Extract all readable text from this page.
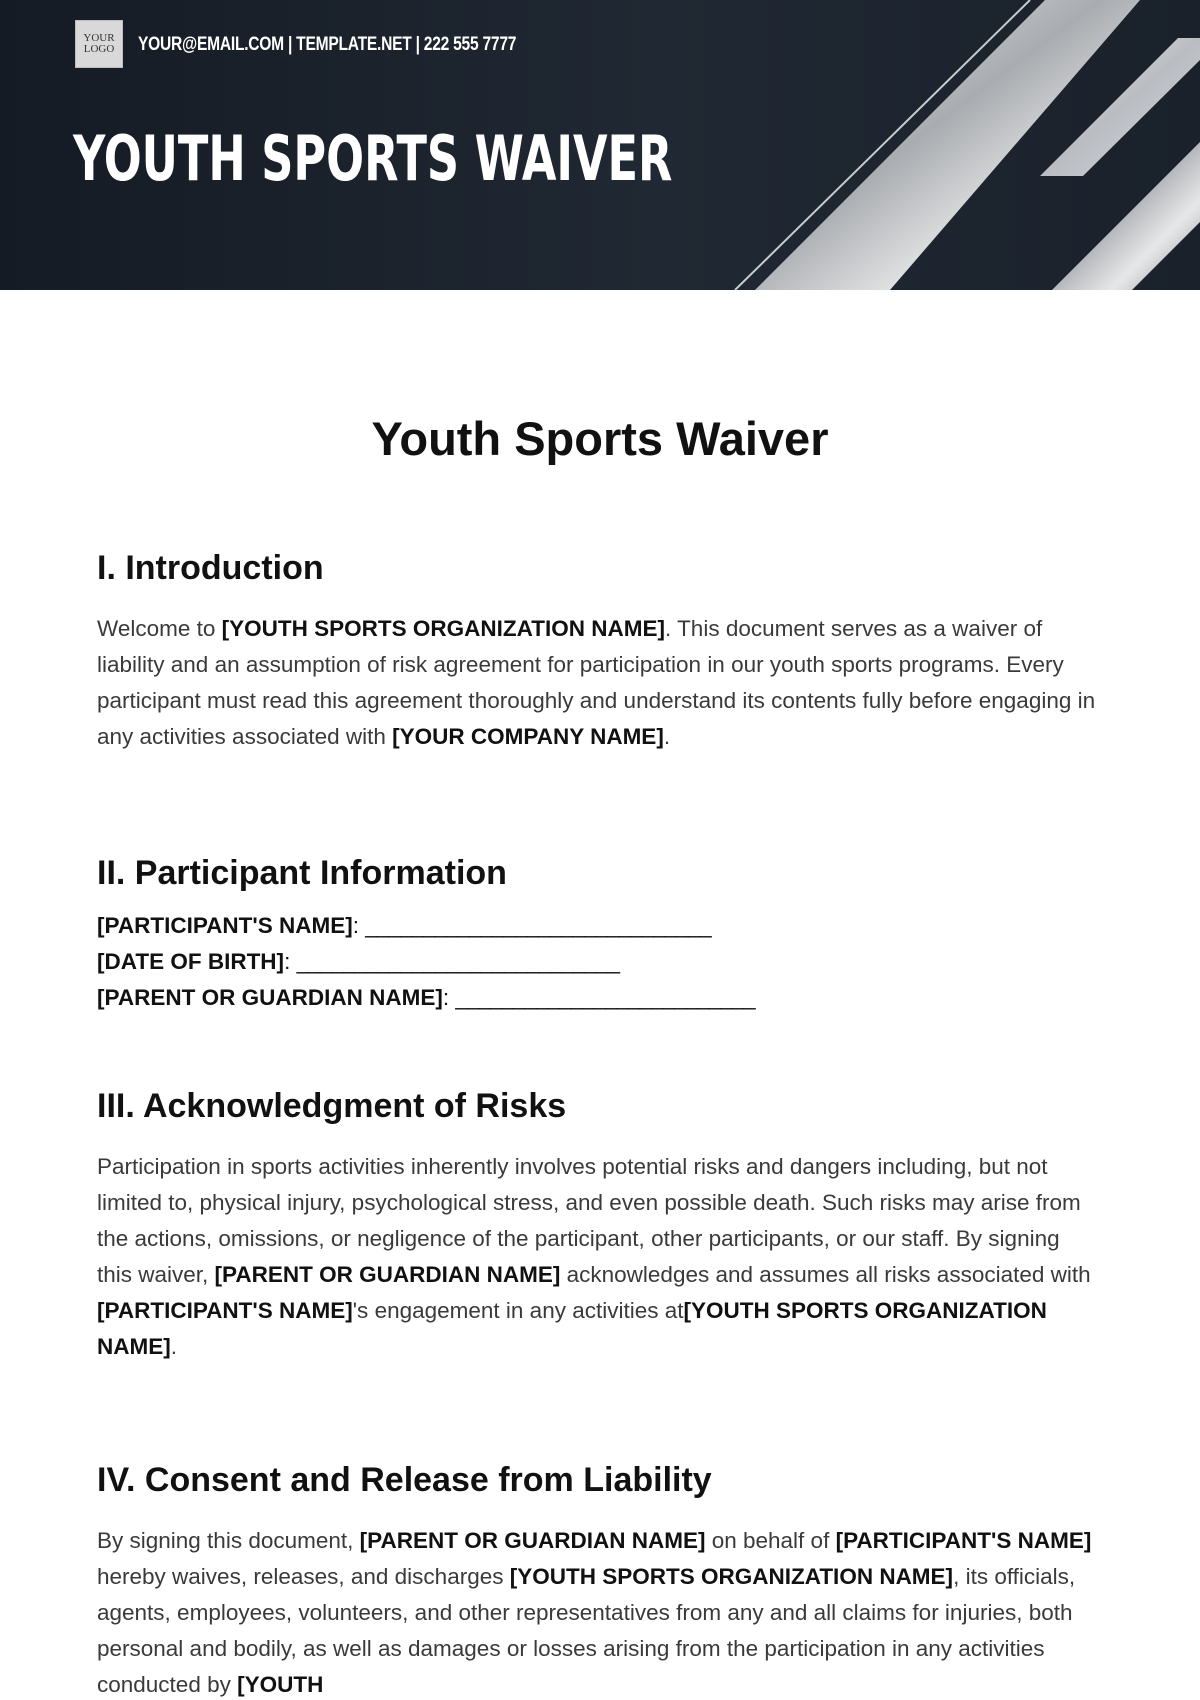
YOUR
LOGO YOUR@EMAIL.COM | TEMPLATE.NET | 222 555 7777
YOUTH SPORTS WAIVER
Youth Sports Waiver
I. Introduction

Welcome to [YOUTH SPORTS ORGANIZATION NAME]. This document serves as a waiver of liability and an assumption of risk agreement for participation in our youth sports programs. Every participant must read this agreement thoroughly and understand its contents fully before engaging in any activities associated with [YOUR COMPANY NAME].

II. Participant Information
[PARTICIPANT'S NAME]: ______________________________
[DATE OF BIRTH]: ____________________________
[PARENT OR GUARDIAN NAME]: __________________________
III. Acknowledgment of Risks

Participation in sports activities inherently involves potential risks and dangers including, but not limited to, physical injury, psychological stress, and even possible death. Such risks may arise from the actions, omissions, or negligence of the participant, other participants, or our staff. By signing this waiver, [PARENT OR GUARDIAN NAME] acknowledges and assumes all risks associated with [PARTICIPANT'S NAME]'s engagement in any activities at[YOUTH SPORTS ORGANIZATION NAME].

IV. Consent and Release from Liability

By signing this document, [PARENT OR GUARDIAN NAME] on behalf of [PARTICIPANT'S NAME] hereby waives, releases, and discharges [YOUTH SPORTS ORGANIZATION NAME], its officials, agents, employees, volunteers, and other representatives from any and all claims for injuries, both personal and bodily, as well as damages or losses arising from the participation in any activities conducted by [YOUTH
